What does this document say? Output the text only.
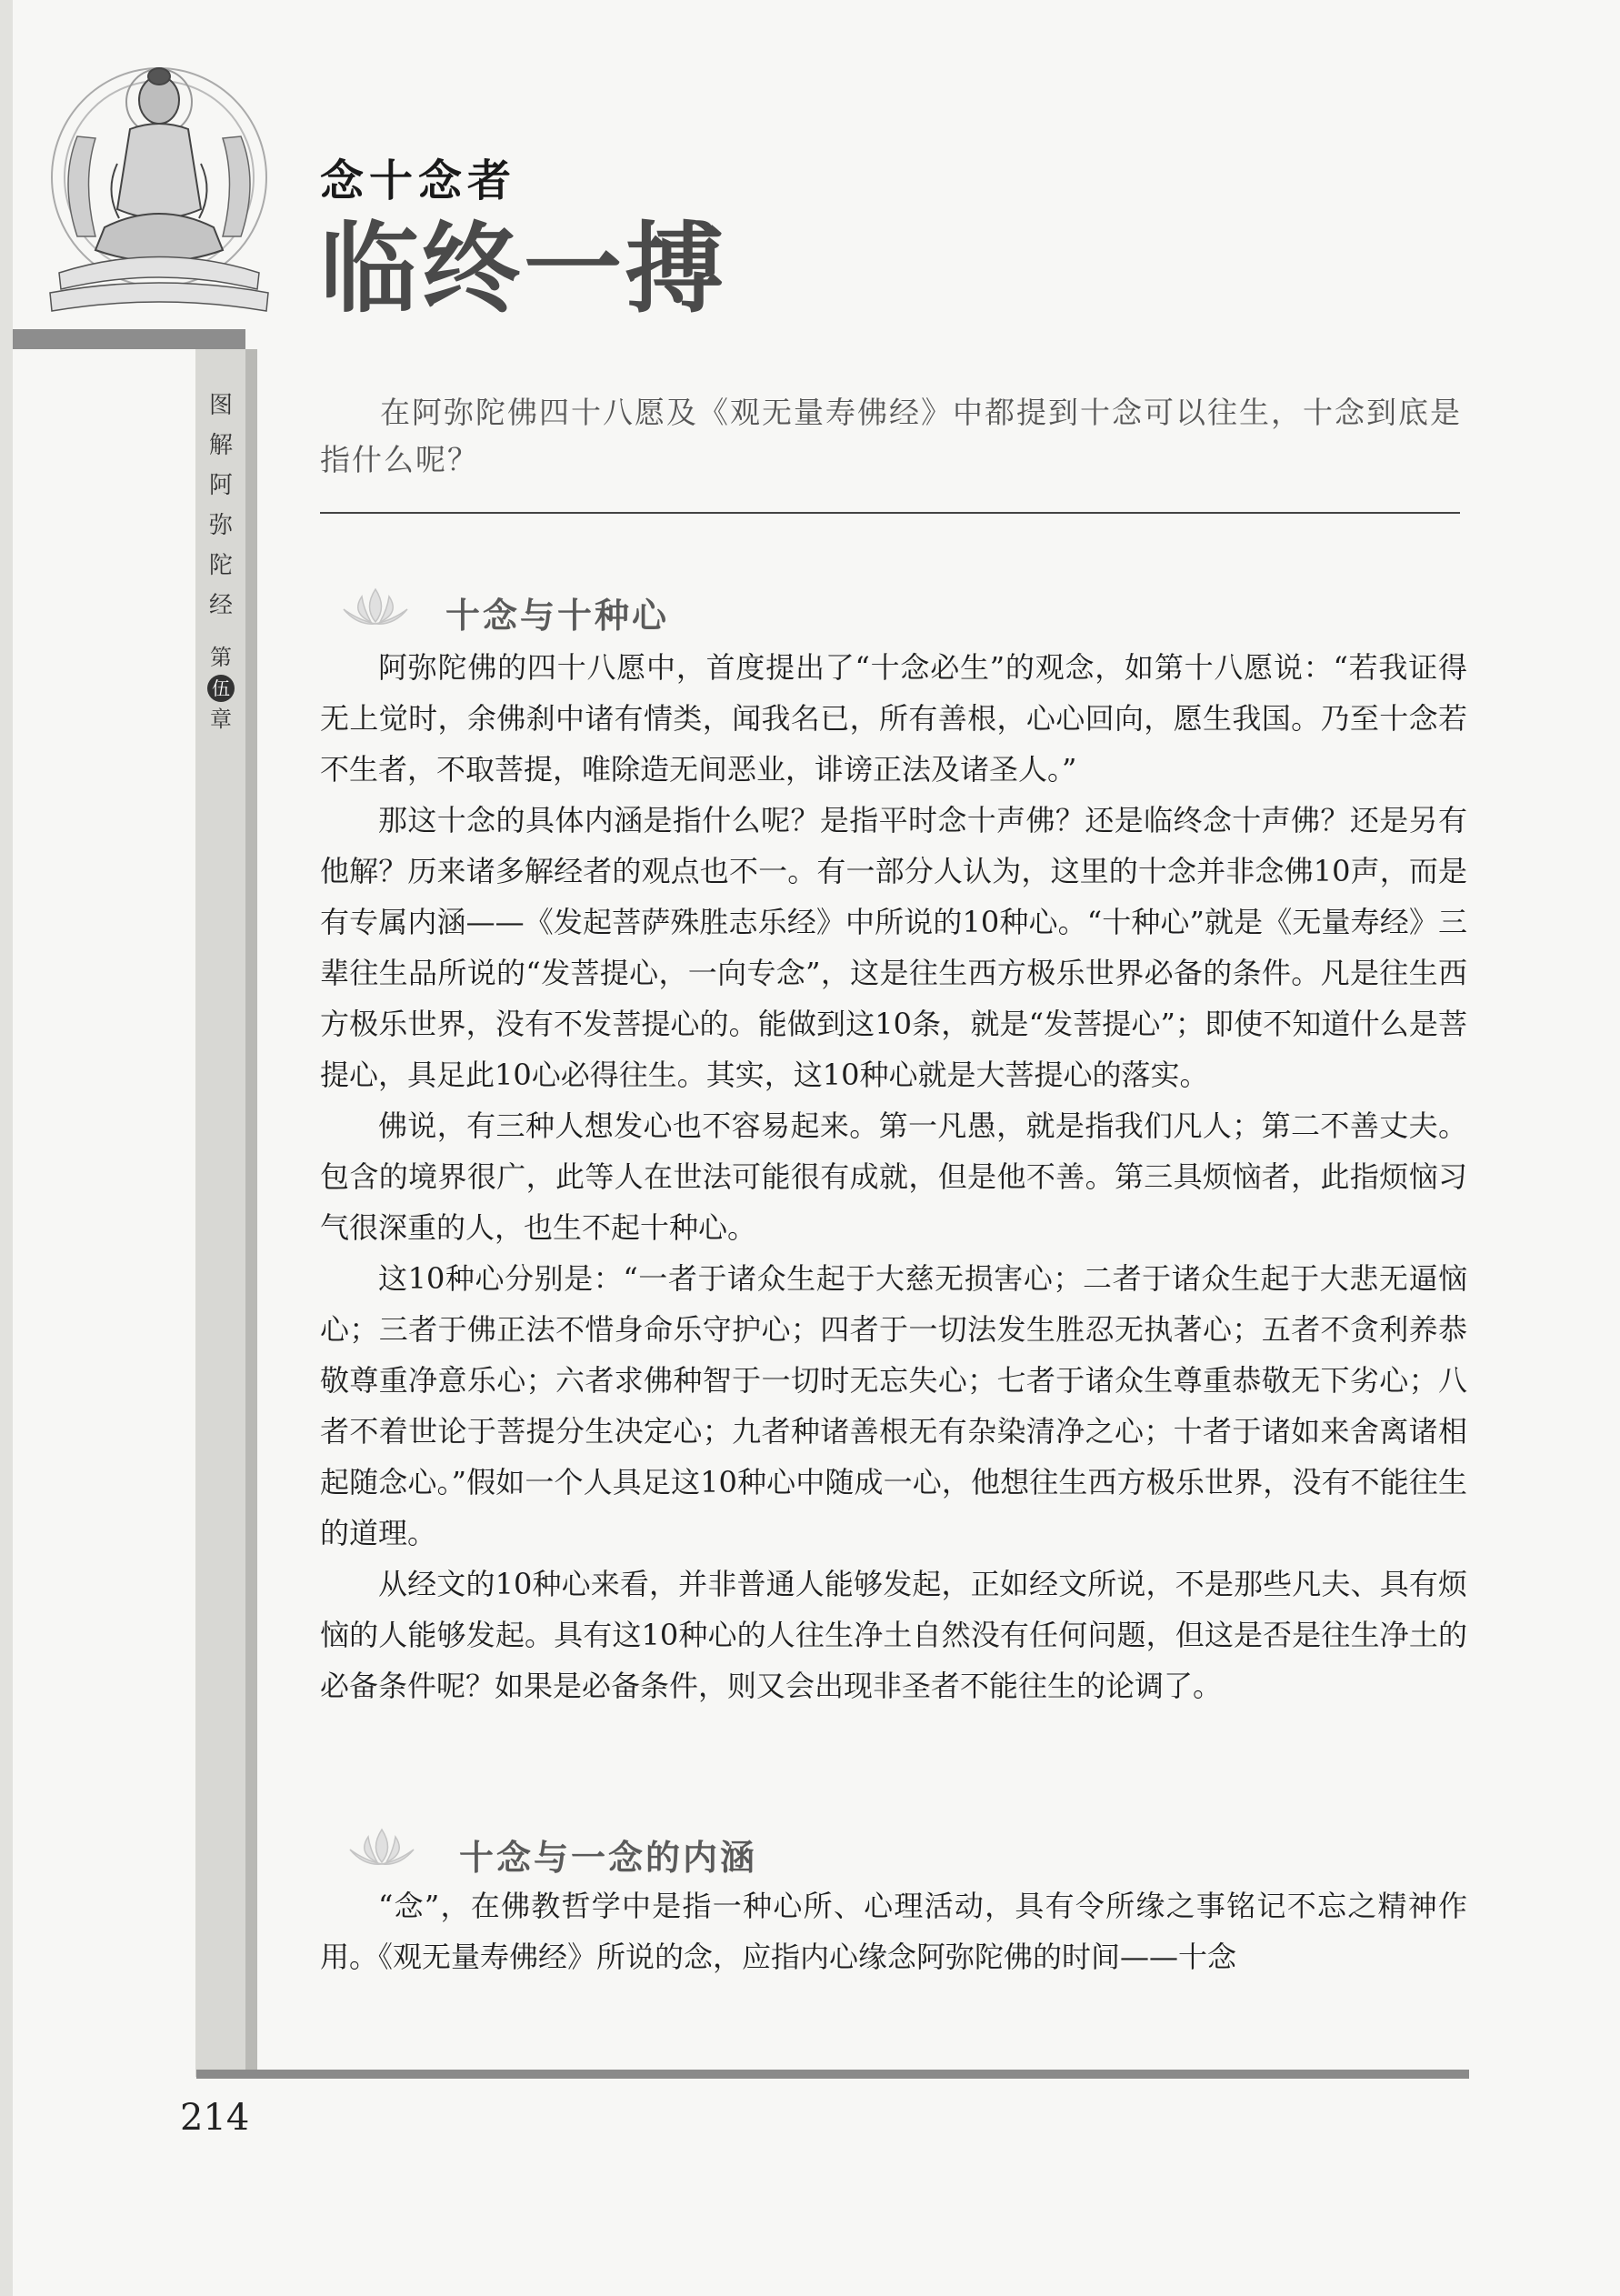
念十念者
临终一搏
图
解
阿
弥
陀
经
第
伍
章
在阿弥陀佛四十八愿及《观无量寿佛经》中都提到十念可以往生，十念到底是指什么呢？
十念与十种心

阿弥陀佛的四十八愿中，首度提出了“十念必生”的观念，如第十八愿说：“若我证得无上觉时，余佛刹中诸有情类，闻我名已，所有善根，心心回向，愿生我国。乃至十念若不生者，不取菩提，唯除造无间恶业，诽谤正法及诸圣人。”

那这十念的具体内涵是指什么呢？是指平时念十声佛？还是临终念十声佛？还是另有他解？历来诸多解经者的观点也不一。有一部分人认为，这里的十念并非念佛10声，而是有专属内涵——《发起菩萨殊胜志乐经》中所说的10种心。“十种心”就是《无量寿经》三辈往生品所说的“发菩提心，一向专念”，这是往生西方极乐世界必备的条件。凡是往生西方极乐世界，没有不发菩提心的。能做到这10条，就是“发菩提心”；即使不知道什么是菩提心，具足此10心必得往生。其实，这10种心就是大菩提心的落实。

佛说，有三种人想发心也不容易起来。第一凡愚，就是指我们凡人；第二不善丈夫。包含的境界很广，此等人在世法可能很有成就，但是他不善。第三具烦恼者，此指烦恼习气很深重的人，也生不起十种心。

这10种心分别是：“一者于诸众生起于大慈无损害心；二者于诸众生起于大悲无逼恼心；三者于佛正法不惜身命乐守护心；四者于一切法发生胜忍无执著心；五者不贪利养恭敬尊重净意乐心；六者求佛种智于一切时无忘失心；七者于诸众生尊重恭敬无下劣心；八者不着世论于菩提分生决定心；九者种诸善根无有杂染清净之心；十者于诸如来舍离诸相起随念心。”假如一个人具足这10种心中随成一心，他想往生西方极乐世界，没有不能往生的道理。

从经文的10种心来看，并非普通人能够发起，正如经文所说，不是那些凡夫、具有烦恼的人能够发起。具有这10种心的人往生净土自然没有任何问题，但这是否是往生净土的必备条件呢？如果是必备条件，则又会出现非圣者不能往生的论调了。

十念与一念的内涵

“念”，在佛教哲学中是指一种心所、心理活动，具有令所缘之事铭记不忘之精神作用。《观无量寿佛经》所说的念，应指内心缘念阿弥陀佛的时间——十念

214
